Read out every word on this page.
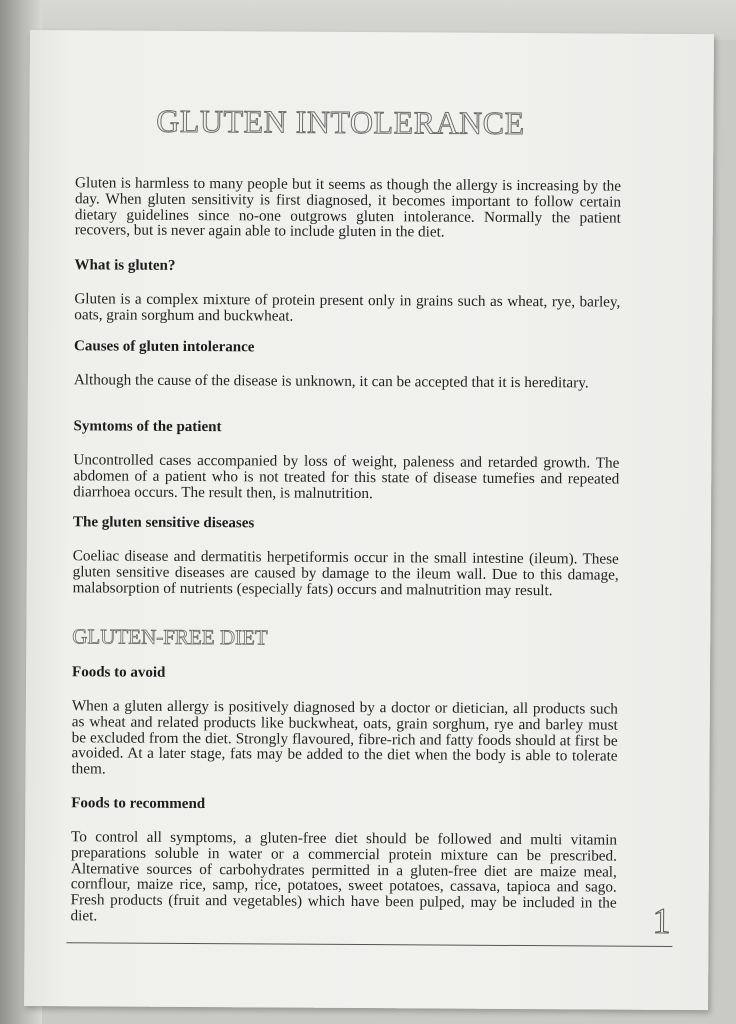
GLUTEN INTOLERANCE

Gluten is harmless to many people but it seems as though the allergy is increasing by the day. When gluten sensitivity is first diagnosed, it becomes important to follow certain dietary guidelines since no-one outgrows gluten intolerance. Normally the patient recovers, but is never again able to include gluten in the diet.

What is gluten?

Gluten is a complex mixture of protein present only in grains such as wheat, rye, barley, oats, grain sorghum and buckwheat.

Causes of gluten intolerance

Although the cause of the disease is unknown, it can be accepted that it is hereditary.

Symtoms of the patient

Uncontrolled cases accompanied by loss of weight, paleness and retarded growth. The abdomen of a patient who is not treated for this state of disease tumefies and repeated diarrhoea occurs. The result then, is malnutrition.

The gluten sensitive diseases

Coeliac disease and dermatitis herpetiformis occur in the small intestine (ileum). These gluten sensitive diseases are caused by damage to the ileum wall. Due to this damage, malabsorption of nutrients (especially fats) occurs and malnutrition may result.

GLUTEN-FREE DIET
Foods to avoid

When a gluten allergy is positively diagnosed by a doctor or dietician, all products such as wheat and related products like buckwheat, oats, grain sorghum, rye and barley must be excluded from the diet. Strongly flavoured, fibre-rich and fatty foods should at first be avoided. At a later stage, fats may be added to the diet when the body is able to tolerate them.

Foods to recommend

To control all symptoms, a gluten-free diet should be followed and multi vitamin preparations soluble in water or a commercial protein mixture can be prescribed. Alternative sources of carbohydrates permitted in a gluten-free diet are maize meal, cornflour, maize rice, samp, rice, potatoes, sweet potatoes, cassava, tapioca and sago. Fresh products (fruit and vegetables) which have been pulped, may be included in the diet.	1
